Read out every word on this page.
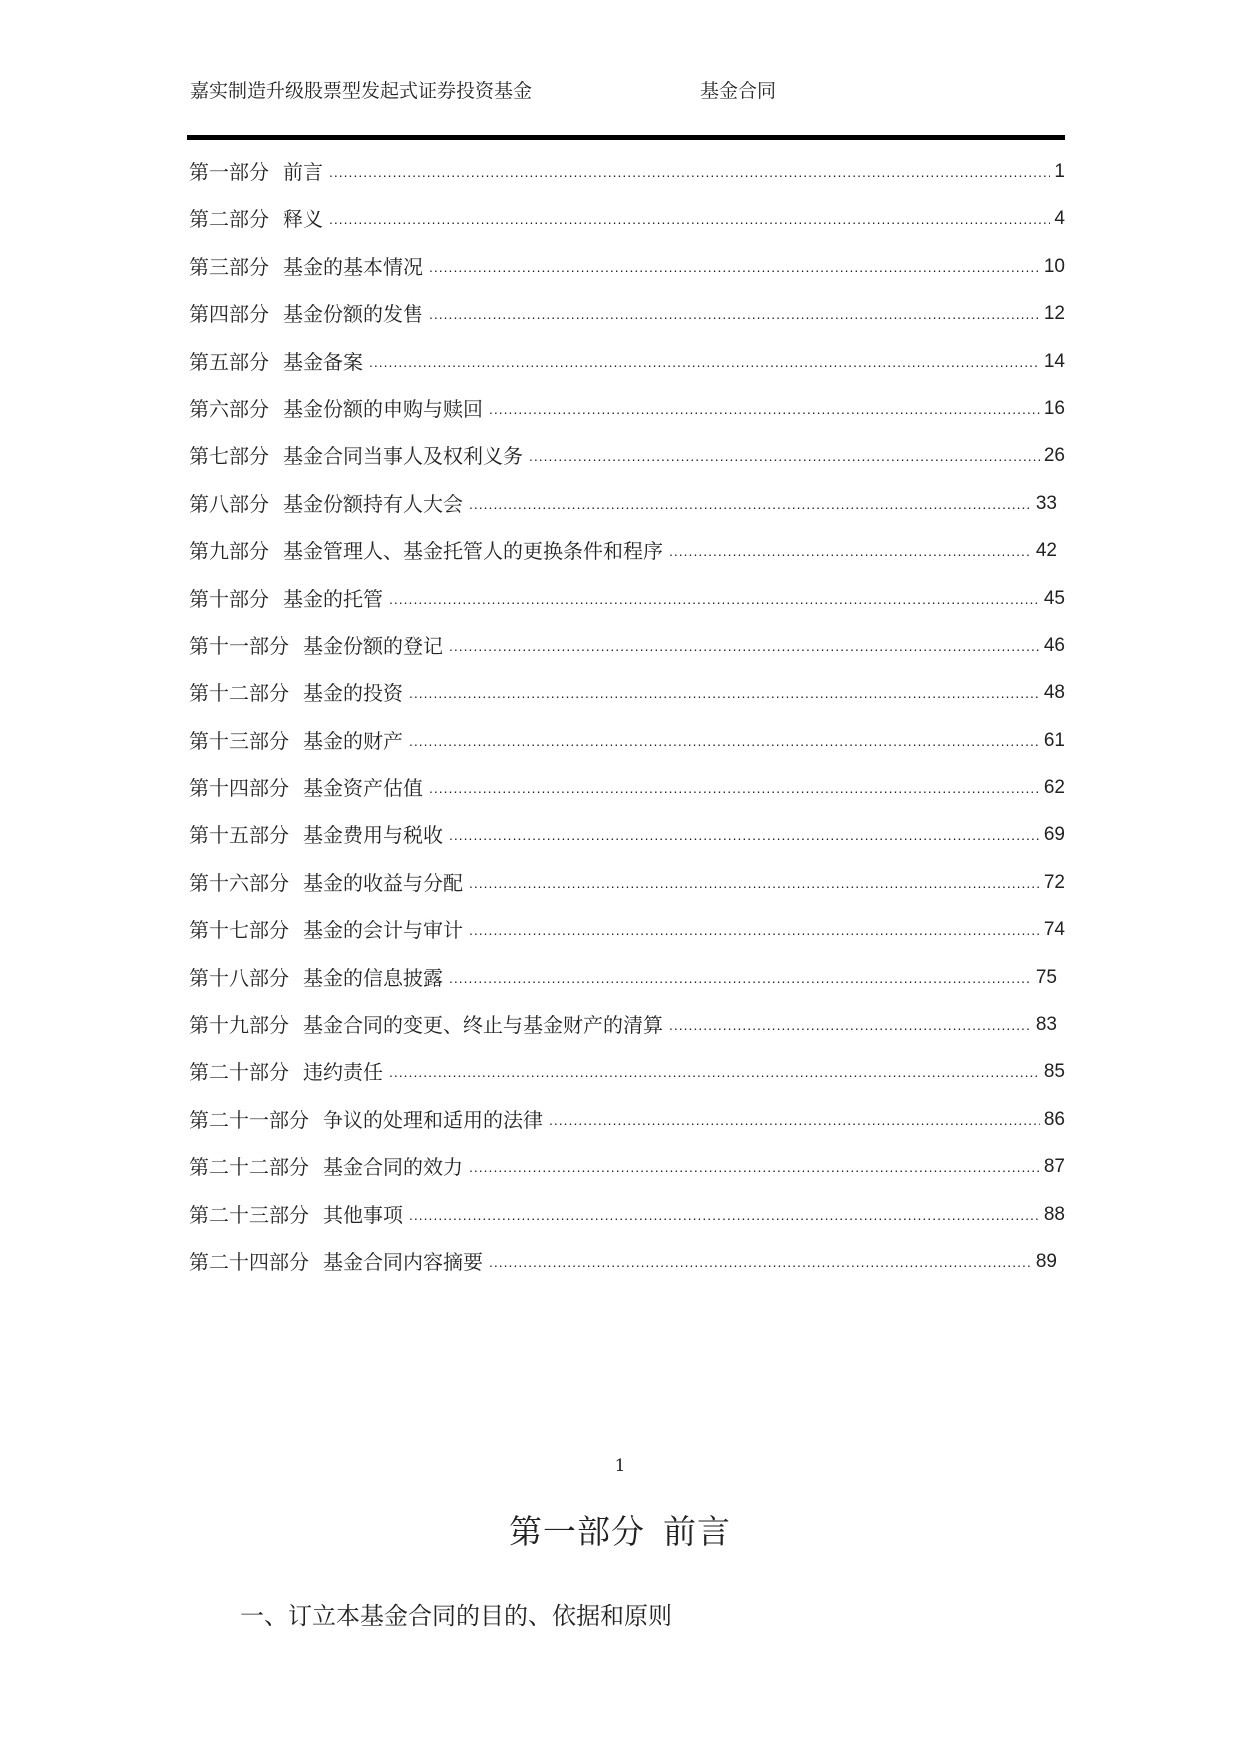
嘉实制造升级股票型发起式证券投资基金	基金合同
第一部分 前言 .....	1
第二部分 释义 .....	4
第三部分 基金的基本情况 .....	10
第四部分 基金份额的发售 .....	12
第五部分 基金备案 .....	14
第六部分 基金份额的申购与赎回 .....	16
第七部分 基金合同当事人及权利义务 .....	26
第八部分 基金份额持有人大会 .....	33
第九部分 基金管理人、基金托管人的更换条件和程序 .....	42
第十部分 基金的托管 .....	45
第十一部分 基金份额的登记 .....	46
第十二部分 基金的投资 .....	48
第十三部分 基金的财产 .....	61
第十四部分 基金资产估值 .....	62
第十五部分 基金费用与税收 .....	69
第十六部分 基金的收益与分配 .....	72
第十七部分 基金的会计与审计 .....	74
第十八部分 基金的信息披露 .....	75
第十九部分 基金合同的变更、终止与基金财产的清算 .....	83
第二十部分 违约责任 .....	85
第二十一部分 争议的处理和适用的法律 .....	86
第二十二部分 基金合同的效力 .....	87
第二十三部分 其他事项 .....	88
第二十四部分 基金合同内容摘要 .....	89
1
第一部分 前言
一、订立本基金合同的目的、依据和原则
